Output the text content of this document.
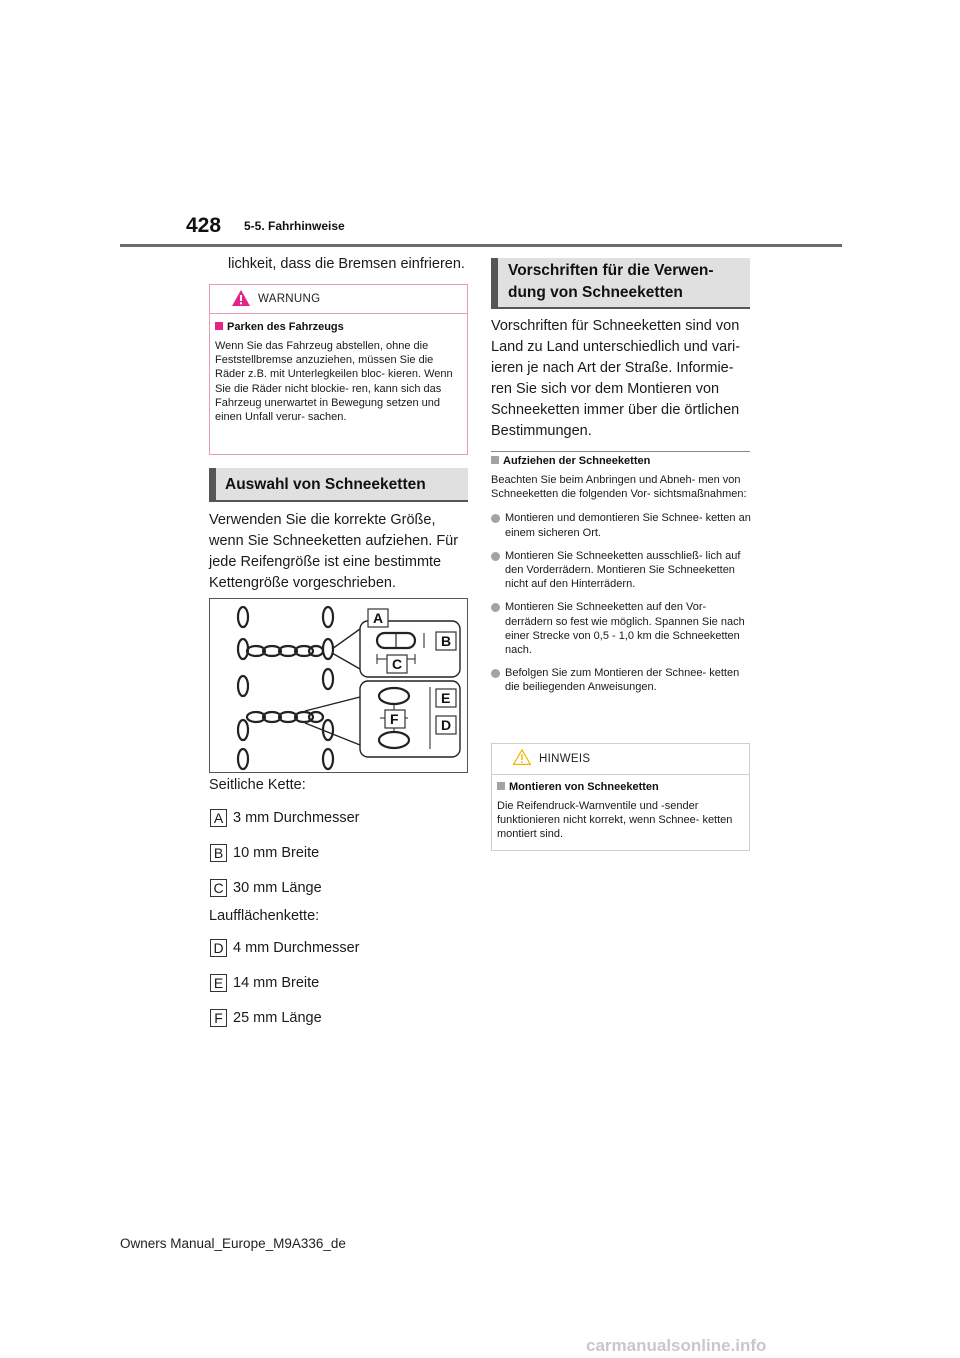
428 5-5. Fahrhinweise
lichkeit, dass die Bremsen einfrieren.
WARNUNG
Parken des Fahrzeugs
Wenn Sie das Fahrzeug abstellen, ohne die Feststellbremse anzuziehen, müssen Sie die Räder z.B. mit Unterlegkeilen bloc- kieren. Wenn Sie die Räder nicht blockie- ren, kann sich das Fahrzeug unerwartet in Bewegung setzen und einen Unfall verur- sachen.
Auswahl von Schneeketten
Verwenden Sie die korrekte Größe, wenn Sie Schneeketten aufziehen. Für jede Reifengröße ist eine bestimmte Kettengröße vorgeschrieben.
A
B
C
E
F	D
Seitliche Kette:
A 3 mm Durchmesser
B 10 mm Breite
C 30 mm Länge
Laufflächenkette:
D 4 mm Durchmesser
E 14 mm Breite
F 25 mm Länge
Vorschriften für die Verwen- dung von Schneeketten
Vorschriften für Schneeketten sind von Land zu Land unterschiedlich und vari- ieren je nach Art der Straße. Informie- ren Sie sich vor dem Montieren von Schneeketten immer über die örtlichen Bestimmungen.
Aufziehen der Schneeketten
Beachten Sie beim Anbringen und Abneh- men von Schneeketten die folgenden Vor- sichtsmaßnahmen:
Montieren und demontieren Sie Schnee- ketten an einem sicheren Ort.
Montieren Sie Schneeketten ausschließ- lich auf den Vorderrädern. Montieren Sie Schneeketten nicht auf den Hinterrädern.
Montieren Sie Schneeketten auf den Vor- derrädern so fest wie möglich. Spannen Sie nach einer Strecke von 0,5 - 1,0 km die Schneeketten nach.
Befolgen Sie zum Montieren der Schnee- ketten die beiliegenden Anweisungen.
HINWEIS
Montieren von Schneeketten
Die Reifendruck-Warnventile und -sender funktionieren nicht korrekt, wenn Schnee- ketten montiert sind.
Owners Manual_Europe_M9A336_de
carmanualsonline.info
